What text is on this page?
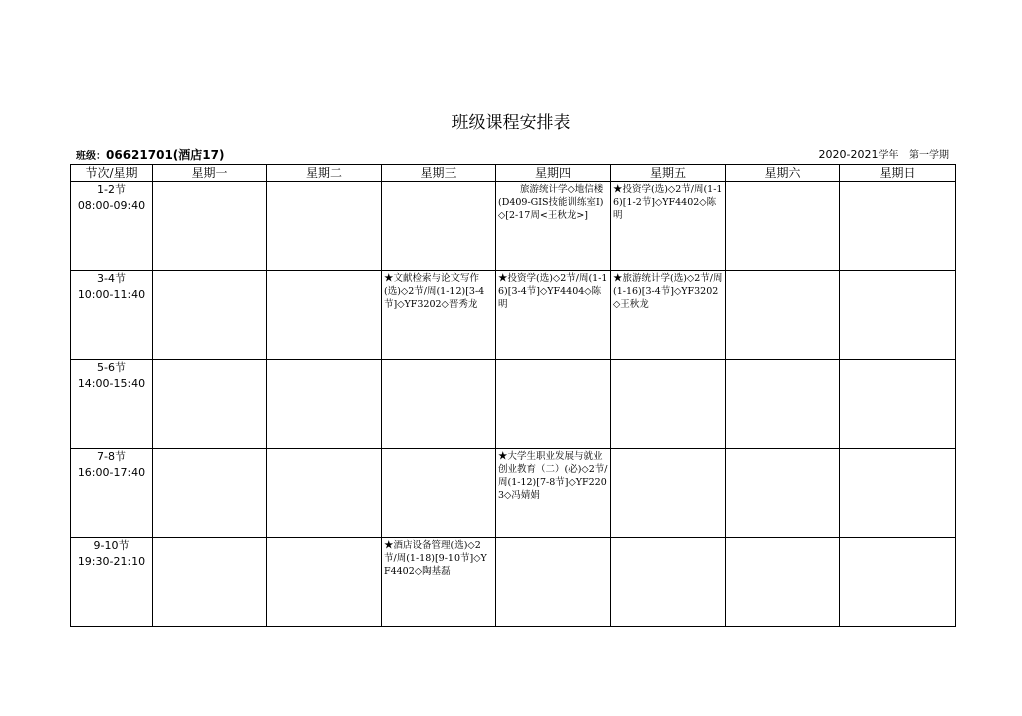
班级课程安排表
班级：06621701(酒店17)	2020-2021学年 第一学期
节次/星期	星期一	星期二	星期三	星期四	星期五	星期六	星期日

1-2节
08:00-09:40				旅游统计学◇地信楼(D409-GIS技能训练室Ⅰ)◇[2-17周<王秋龙>]	★投资学(选)◇2节/周(1-16)[1-2节]◇YF4402◇陈明		

3-4节
10:00-11:40			★文献检索与论文写作(选)◇2节/周(1-12)[3-4节]◇YF3202◇晋秀龙	★投资学(选)◇2节/周(1-16)[3-4节]◇YF4404◇陈明	★旅游统计学(选)◇2节/周(1-16)[3-4节]◇YF3202◇王秋龙		

5-6节
14:00-15:40							

7-8节
16:00-17:40				★大学生职业发展与就业创业教育（二）(必)◇2节/周(1-12)[7-8节]◇YF2203◇冯婧娟			

9-10节
19:30-21:10			★酒店设备管理(选)◇2节/周(1-18)[9-10节]◇YF4402◇陶基磊				
